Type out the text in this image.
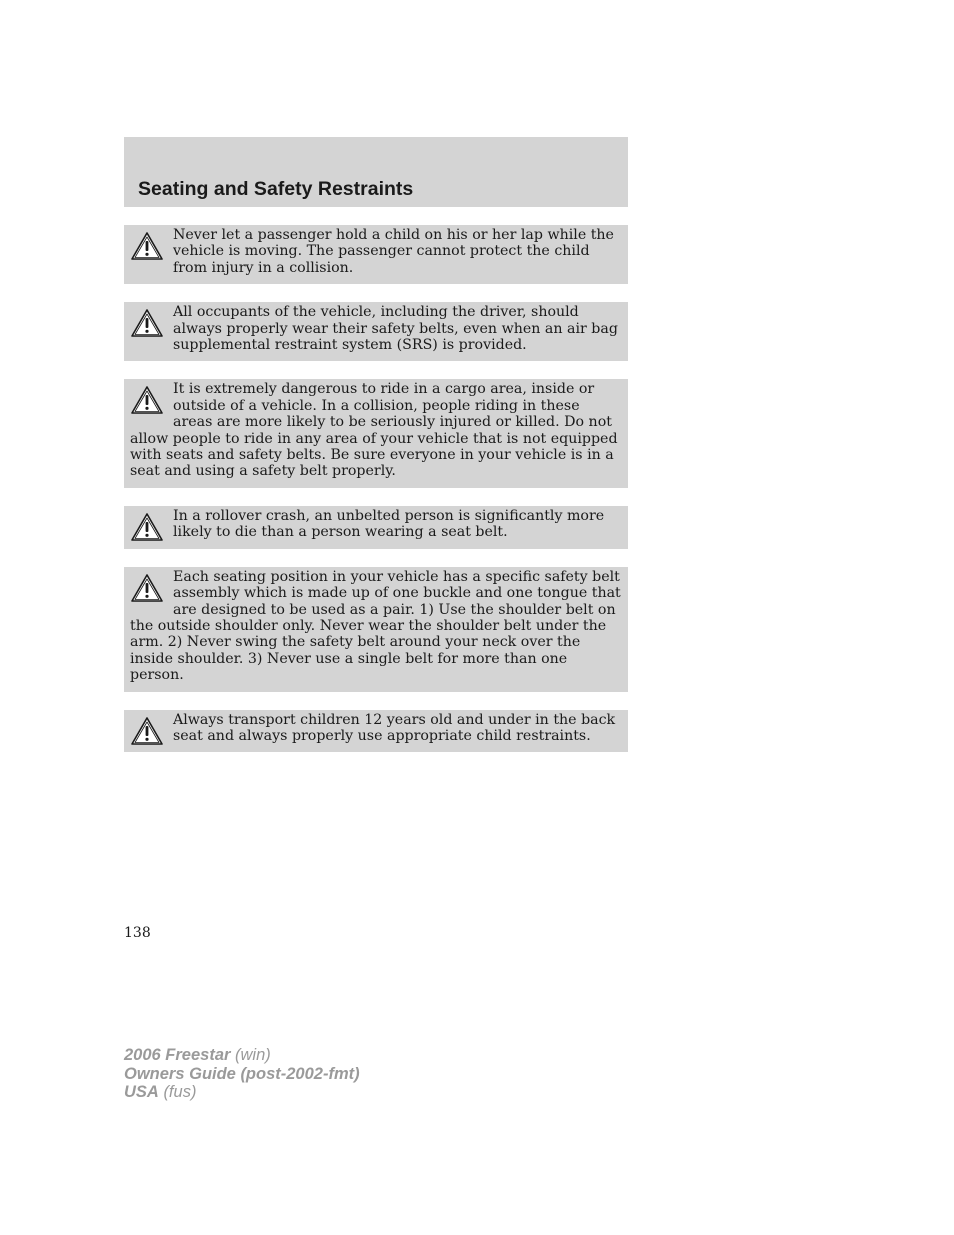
Seating and Safety Restraints

Never let a passenger hold a child on his or her lap while the vehicle is moving. The passenger cannot protect the child from injury in a collision.

All occupants of the vehicle, including the driver, should always properly wear their safety belts, even when an air bag supplemental restraint system (SRS) is provided.

It is extremely dangerous to ride in a cargo area, inside or outside of a vehicle. In a collision, people riding in these areas are more likely to be seriously injured or killed. Do not allow people to ride in any area of your vehicle that is not equipped with seats and safety belts. Be sure everyone in your vehicle is in a seat and using a safety belt properly.

In a rollover crash, an unbelted person is significantly more likely to die than a person wearing a seat belt.

Each seating position in your vehicle has a specific safety belt assembly which is made up of one buckle and one tongue that are designed to be used as a pair. 1) Use the shoulder belt on the outside shoulder only. Never wear the shoulder belt under the arm. 2) Never swing the safety belt around your neck over the inside shoulder. 3) Never use a single belt for more than one person.

Always transport children 12 years old and under in the back seat and always properly use appropriate child restraints.

138
2006 Freestar (win)
Owners Guide (post-2002-fmt)
USA (fus)
